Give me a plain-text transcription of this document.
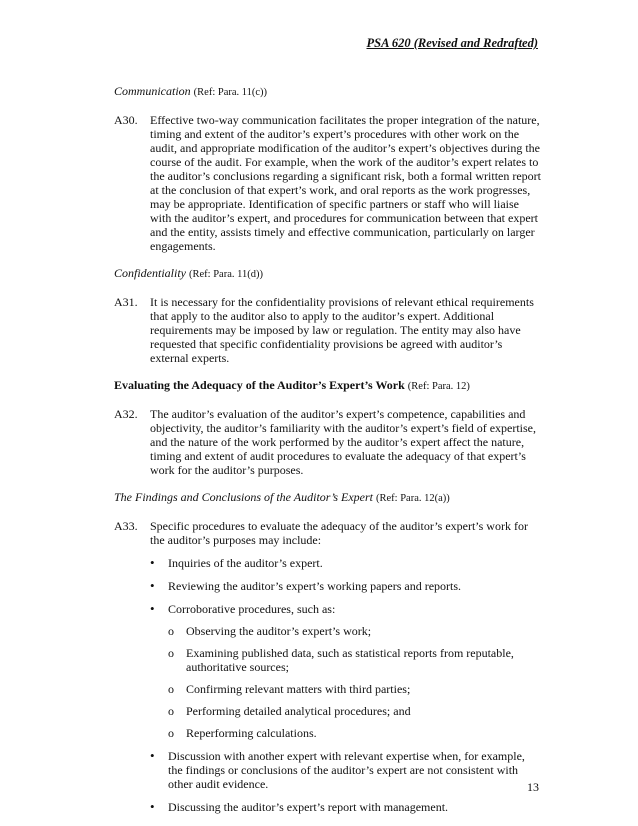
PSA 620 (Revised and Redrafted)

Communication (Ref: Para. 11(c))

A30.	Effective two-way communication facilitates the proper integration of the nature, timing and extent of the auditor’s expert’s procedures with other work on the audit, and appropriate modification of the auditor’s expert’s objectives during the course of the audit. For example, when the work of the auditor’s expert relates to the auditor’s conclusions regarding a significant risk, both a formal written report at the conclusion of that expert’s work, and oral reports as the work progresses, may be appropriate. Identification of specific partners or staff who will liaise with the auditor’s expert, and procedures for communication between that expert and the entity, assists timely and effective communication, particularly on larger engagements.

Confidentiality (Ref: Para. 11(d))

A31.	It is necessary for the confidentiality provisions of relevant ethical requirements that apply to the auditor also to apply to the auditor’s expert. Additional requirements may be imposed by law or regulation. The entity may also have requested that specific confidentiality provisions be agreed with auditor’s external experts.

Evaluating the Adequacy of the Auditor’s Expert’s Work (Ref: Para. 12)

A32.	The auditor’s evaluation of the auditor’s expert’s competence, capabilities and objectivity, the auditor’s familiarity with the auditor’s expert’s field of expertise, and the nature of the work performed by the auditor’s expert affect the nature, timing and extent of audit procedures to evaluate the adequacy of that expert’s work for the auditor’s purposes.

The Findings and Conclusions of the Auditor’s Expert (Ref: Para. 12(a))

A33.	Specific procedures to evaluate the adequacy of the auditor’s expert’s work for the auditor’s purposes may include:
•	Inquiries of the auditor’s expert.
•	Reviewing the auditor’s expert’s working papers and reports.
•	Corroborative procedures, such as:
o	Observing the auditor’s expert’s work;
o	Examining published data, such as statistical reports from reputable, authoritative sources;
o	Confirming relevant matters with third parties;
o	Performing detailed analytical procedures; and
o	Reperforming calculations.
•	Discussion with another expert with relevant expertise when, for example, the findings or conclusions of the auditor’s expert are not consistent with other audit evidence.
•	Discussing the auditor’s expert’s report with management.
13
